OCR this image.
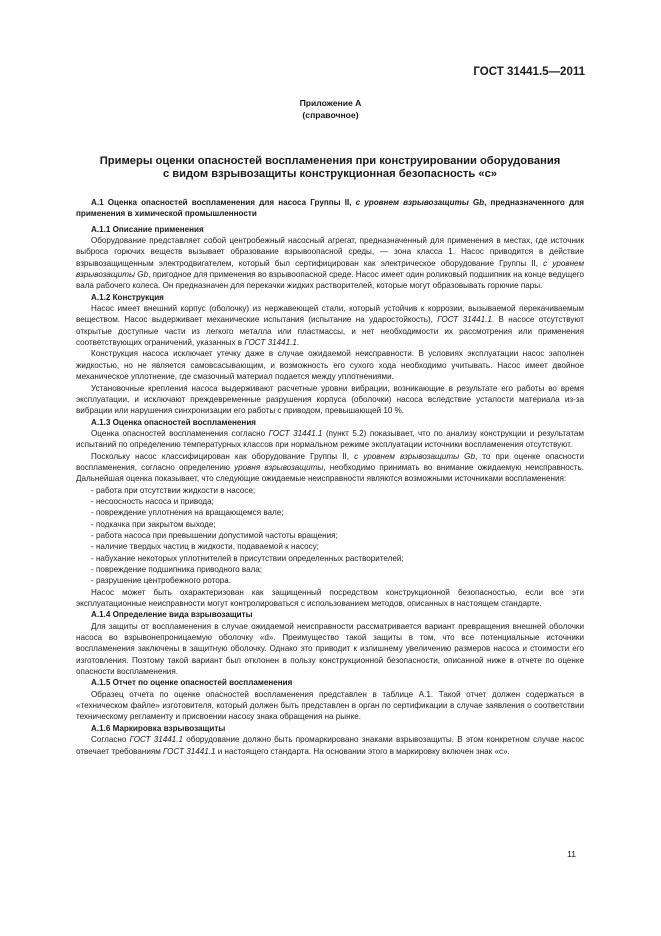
ГОСТ 31441.5—2011
Приложение А
(справочное)
Примеры оценки опасностей воспламенения при конструировании оборудования
с видом взрывозащиты конструкционная безопасность «c»

А.1 Оценка опасностей воспламенения для насоса Группы II, с уровнем взрывозащиты Gb, предназначенного для применения в химической промышленности

А.1.1 Описание применения

Оборудование представляет собой центробежный насосный агрегат, предназначенный для применения в местах, где источник выброса горючих веществ вызывает образование взрывоопасной среды, — зона класса 1. Насос приводится в действие взрывозащищенным электродвигателем, который был сертифицирован как электрическое оборудование Группы II, с уровнем взрывозащиты Gb, пригодное для применения во взрывоопасной среде. Насос имеет один роликовый подшипник на конце ведущего вала рабочего колеса. Он предназначен для перекачки жидких растворителей, которые могут образовывать горючие пары.

А.1.2 Конструкция

Насос имеет внешний корпус (оболочку) из нержавеющей стали, который устойчив к коррозии, вызываемой перекачиваемым веществом. Насос выдерживает механические испытания (испытание на ударостойкость), ГОСТ 31441.1. В насосе отсутствуют открытые доступные части из легкого металла или пластмассы, и нет необходимости их рассмотрения или применения соответствующих ограничений, указанных в ГОСТ 31441.1.

Конструкция насоса исключает утечку даже в случае ожидаемой неисправности. В условиях эксплуатации насос заполнен жидкостью, но не является самовсасывающим, и возможность его сухого хода необходимо учитывать. Насос имеет двойное механическое уплотнение, где смазочный материал подается между уплотнениями.

Установочные крепления насоса выдерживают расчетные уровни вибрации, возникающие в результате его работы во время эксплуатации, и исключают преждевременные разрушения корпуса (оболочки) насоса вследствие усталости материала из-за вибрации или нарушения синхронизации его работы с приводом, превышающей 10 %.

А.1.3 Оценка опасностей воспламенения

Оценка опасностей воспламенения согласно ГОСТ 31441.1 (пункт 5.2) показывает, что по анализу конструкции и результатам испытаний по определению температурных классов при нормальном режиме эксплуатации источники воспламенения отсутствуют.

Поскольку насос классифицирован как оборудование Группы II, с уровнем взрывозащиты Gb, то при оценке опасности воспламенения, согласно определению уровня взрывозащиты, необходимо принимать во внимание ожидаемую неисправность. Дальнейшая оценка показывает, что следующие ожидаемые неисправности являются возможными источниками воспламенения:

- работа при отсутствии жидкости в насосе;
- несоосность насоса и привода;
- повреждение уплотнения на вращающемся вале;
- подкачка при закрытом выходе;
- работа насоса при превышении допустимой частоты вращения;
- наличие твердых частиц в жидкости, подаваемой к насосу;
- набухание некоторых уплотнителей в присутствии определенных растворителей;
- повреждение подшипника приводного вала;
- разрушение центробежного ротора.

Насос может быть охарактеризован как защищенный посредством конструкционной безопасностью, если все эти эксплуатационные неисправности могут контролироваться с использованием методов, описанных в настоящем стандарте.

А.1.4 Определение вида взрывозащиты

Для защиты от воспламенения в случае ожидаемой неисправности рассматривается вариант превращения внешней оболочки насоса во взрывонепроницаемую оболочку «d». Преимущество такой защиты в том, что все потенциальные источники воспламенения заключены в защитную оболочку. Однако это приводит к излишнему увеличению размеров насоса и стоимости его изготовления. Поэтому такой вариант был отклонен в пользу конструкционной безопасности, описанной ниже в отчете по оценке опасности воспламенения.

А.1.5 Отчет по оценке опасностей воспламенения

Образец отчета по оценке опасностей воспламенения представлен в таблице А.1. Такой отчет должен содержаться в «техническом файле» изготовителя, который должен быть представлен в орган по сертификации в случае заявления о соответствии техническому регламенту и присвоении насосу знака обращения на рынке.

А.1.6 Маркировка взрывозащиты

Согласно ГОСТ 31441.1 оборудование должно быть промаркировано знаками взрывозащиты. В этом конкретном случае насос отвечает требованиям ГОСТ 31441.1 и настоящего стандарта. На основании этого в маркировку включен знак «c».

11
